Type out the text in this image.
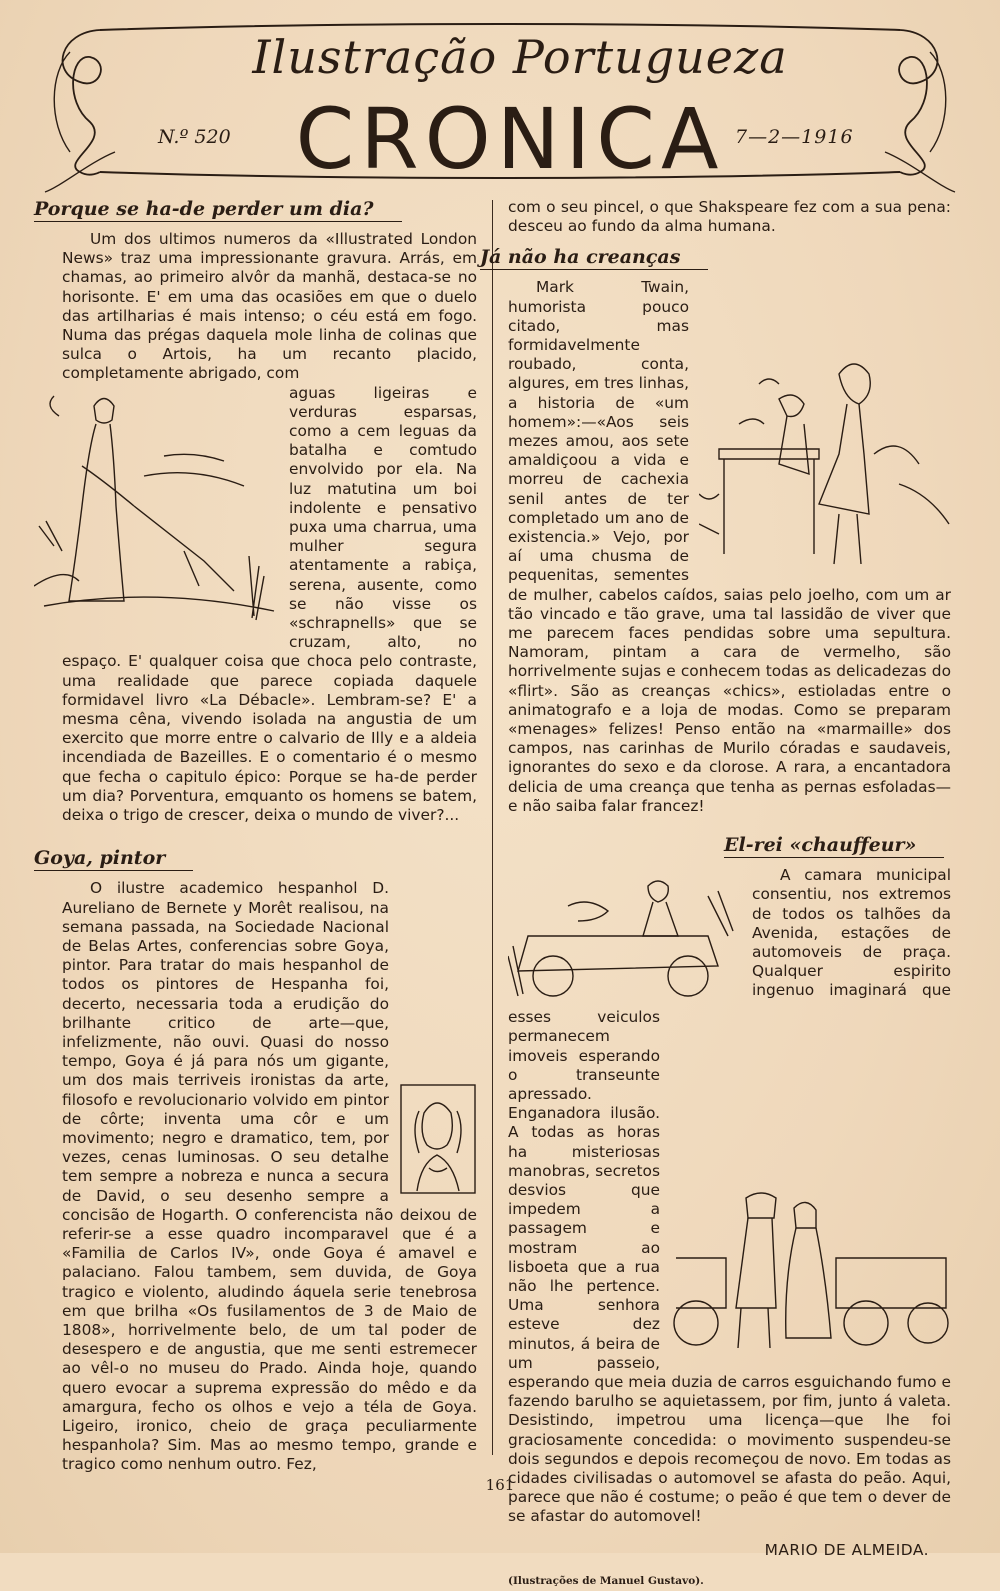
Ilustração Portugueza
N.º 520 CRONICA 7—2—1916
Porque se ha-de perder um dia?

Um dos ultimos numeros da «Illustrated London News» traz uma impressionante gravura. Arrás, em chamas, ao primeiro alvôr da manhã, destaca-se no horisonte. E' em uma das ocasiões em que o duelo das artilharias é mais intenso; o céu está em fogo. Numa das prégas daquela mole linha de colinas que sulca o Artois, ha um recanto placido, completamente abrigado, com

aguas ligeiras e verduras esparsas, como a cem leguas da batalha e comtudo envolvido por ela. Na luz matutina um boi indolente e pensativo puxa uma charrua, uma mulher segura atentamente a rabiça, serena, ausente, como se não visse os «schrapnells» que se cruzam, alto, no espaço. E' qualquer coisa que choca pelo contraste, uma realidade que parece copiada daquele formidavel livro «La Débacle». Lembram-se? E' a mesma cêna, vivendo isolada na angustia de um exercito que morre entre o calvario de Illy e a aldeia incendiada de Bazeilles. E o comentario é o mesmo que fecha o capitulo épico: Porque se ha-de perder um dia? Porventura, emquanto os homens se batem, deixa o trigo de crescer, deixa o mundo de viver?...

Goya, pintor

O ilustre academico hespanhol D. Aureliano de Bernete y Morêt realisou, na semana passada, na Sociedade Nacional de Belas Artes, conferencias sobre Goya, pintor. Para tratar do mais hespanhol de todos os pintores de Hespanha foi, decerto, necessaria toda a erudição do brilhante critico de arte—que, infelizmente, não ouvi. Quasi do nosso tempo, Goya é já para nós um gigante, um dos mais terriveis ironistas da arte, filosofo e revolucionario volvido em pintor de côrte; inventa uma côr e um movimento; negro e dramatico, tem, por vezes, cenas luminosas. O seu detalhe tem sempre a nobreza e nunca a secura de David, o seu desenho sempre a concisão de Hogarth. O conferencista não deixou de referir-se a esse quadro incomparavel que é a «Familia de Carlos IV», onde Goya é amavel e palaciano. Falou tambem, sem duvida, de Goya tragico e violento, aludindo áquela serie tenebrosa em que brilha «Os fusilamentos de 3 de Maio de 1808», horrivelmente belo, de um tal poder de desespero e de angustia, que me senti estremecer ao vêl-o no museu do Prado. Ainda hoje, quando quero evocar a suprema expressão do mêdo e da amargura, fecho os olhos e vejo a téla de Goya. Ligeiro, ironico, cheio de graça peculiarmente hespanhola? Sim. Mas ao mesmo tempo, grande e tragico como nenhum outro. Fez,

com o seu pincel, o que Shakspeare fez com a sua pena: desceu ao fundo da alma humana.

Já não ha creanças

Mark Twain, humorista pouco citado, mas formidavelmente roubado, conta, algures, em tres linhas, a historia de «um homem»:—«Aos seis mezes amou, aos sete amaldiçoou a vida e morreu de cachexia senil antes de ter completado um ano de existencia.» Vejo, por aí uma chusma de pequenitas, sementes de mulher, cabelos caídos, saias pelo joelho, com um ar tão vincado e tão grave, uma tal lassidão de viver que me parecem faces pendidas sobre uma sepultura. Namoram, pintam a cara de vermelho, são horrivelmente sujas e conhecem todas as delicadezas do «flirt». São as creanças «chics», estioladas entre o animatografo e a loja de modas. Como se preparam «menages» felizes! Penso então na «marmaille» dos campos, nas carinhas de Murilo córadas e saudaveis, ignorantes do sexo e da clorose. A rara, a encantadora delicia de uma creança que tenha as pernas esfoladas—e não saiba falar francez!

El-rei «chauffeur»

A camara municipal consentiu, nos extremos de todos os talhões da Avenida, estações de automoveis de praça. Qualquer espirito ingenuo imaginará que esses veiculos permanecem imoveis esperando o transeunte apressado. Enganadora ilusão. A todas as horas ha misteriosas manobras, secretos desvios que impedem a passagem e mostram ao lisboeta que a rua não lhe pertence. Uma senhora esteve dez minutos, á beira de um passeio, esperando que meia duzia de carros esguichando fumo e fazendo barulho se aquietassem, por fim, junto á valeta. Desistindo, impetrou uma licença—que lhe foi graciosamente concedida: o movimento suspendeu-se dois segundos e depois recomeçou de novo. Em todas as cidades civilisadas o automovel se afasta do peão. Aqui, parece que não é costume; o peão é que tem o dever de se afastar do automovel!

MARIO DE ALMEIDA.
(Ilustrações de Manuel Gustavo).
161
